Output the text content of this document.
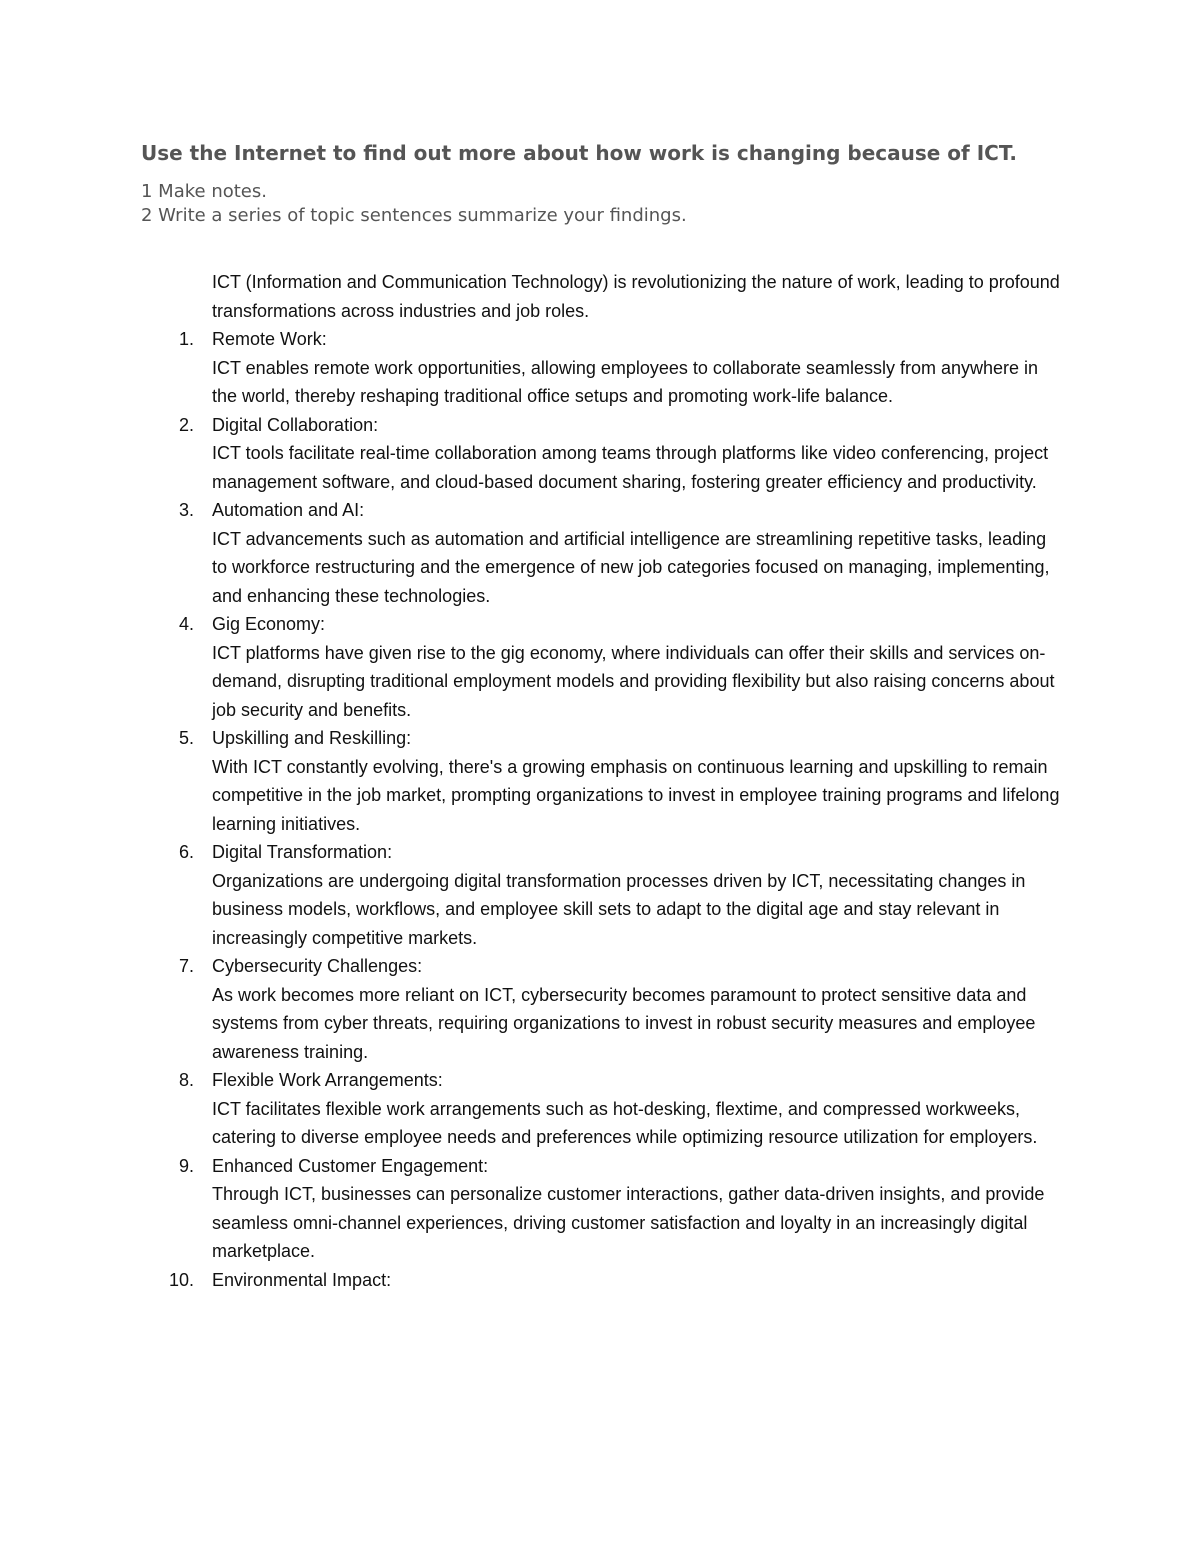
Use the Internet to find out more about how work is changing because of ICT.

1 Make notes.

2 Write a series of topic sentences summarize your findings.

ICT (Information and Communication Technology) is revolutionizing the nature of work, leading to profound transformations across industries and job roles.

1.	Remote Work:
ICT enables remote work opportunities, allowing employees to collaborate seamlessly from anywhere in the world, thereby reshaping traditional office setups and promoting work-life balance.
2.	Digital Collaboration:
ICT tools facilitate real-time collaboration among teams through platforms like video conferencing, project management software, and cloud-based document sharing, fostering greater efficiency and productivity.
3.	Automation and AI:
ICT advancements such as automation and artificial intelligence are streamlining repetitive tasks, leading to workforce restructuring and the emergence of new job categories focused on managing, implementing, and enhancing these technologies.
4.	Gig Economy:
ICT platforms have given rise to the gig economy, where individuals can offer their skills and services on-demand, disrupting traditional employment models and providing flexibility but also raising concerns about job security and benefits.
5.	Upskilling and Reskilling:
With ICT constantly evolving, there's a growing emphasis on continuous learning and upskilling to remain competitive in the job market, prompting organizations to invest in employee training programs and lifelong learning initiatives.
6.	Digital Transformation:
Organizations are undergoing digital transformation processes driven by ICT, necessitating changes in business models, workflows, and employee skill sets to adapt to the digital age and stay relevant in increasingly competitive markets.
7.	Cybersecurity Challenges:
As work becomes more reliant on ICT, cybersecurity becomes paramount to protect sensitive data and systems from cyber threats, requiring organizations to invest in robust security measures and employee awareness training.
8.	Flexible Work Arrangements:
ICT facilitates flexible work arrangements such as hot-desking, flextime, and compressed workweeks, catering to diverse employee needs and preferences while optimizing resource utilization for employers.
9.	Enhanced Customer Engagement:
Through ICT, businesses can personalize customer interactions, gather data-driven insights, and provide seamless omni-channel experiences, driving customer satisfaction and loyalty in an increasingly digital marketplace.
10.	Environmental Impact:
